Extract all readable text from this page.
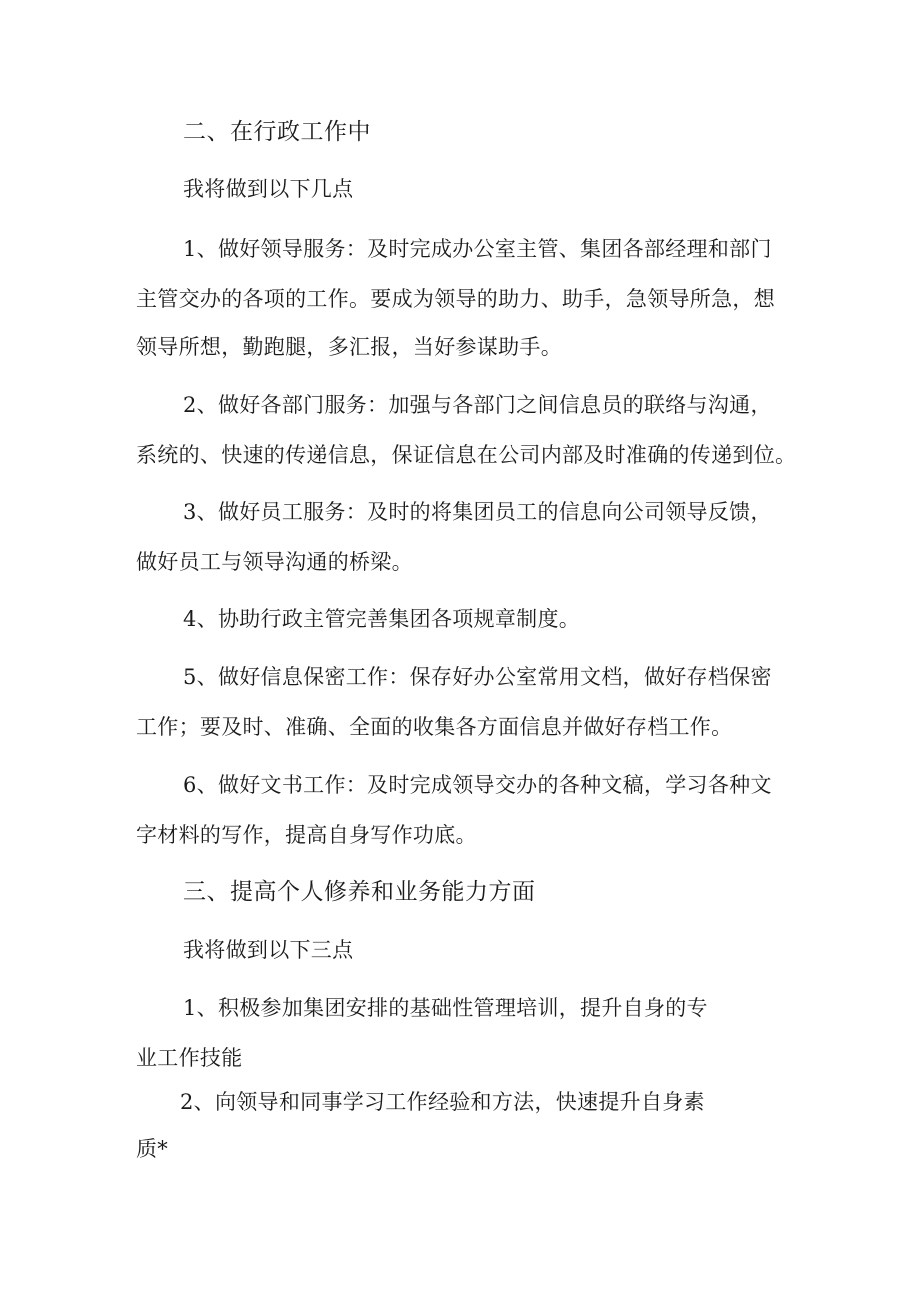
二、在行政工作中
我将做到以下几点
1、做好领导服务：及时完成办公室主管、集团各部经理和部门
主管交办的各项的工作。要成为领导的助力、助手，急领导所急，想
领导所想，勤跑腿，多汇报，当好参谋助手。
2、做好各部门服务：加强与各部门之间信息员的联络与沟通，
系统的、快速的传递信息，保证信息在公司内部及时准确的传递到位。
3、做好员工服务：及时的将集团员工的信息向公司领导反馈，
做好员工与领导沟通的桥梁。
4、协助行政主管完善集团各项规章制度。
5、做好信息保密工作：保存好办公室常用文档，做好存档保密
工作；要及时、准确、全面的收集各方面信息并做好存档工作。
6、做好文书工作：及时完成领导交办的各种文稿，学习各种文
字材料的写作，提高自身写作功底。
三、提高个人修养和业务能力方面
我将做到以下三点
1、积极参加集团安排的基础性管理培训，提升自身的专
业工作技能
2、向领导和同事学习工作经验和方法，快速提升自身素
质*
